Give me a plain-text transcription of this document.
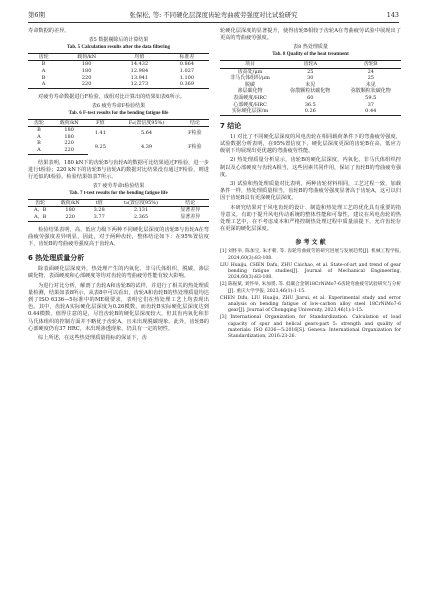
第6期	张保松, 等: 不同硬化层深度齿轮弯曲疲劳强度对比试验研究	143

寿命数据的差异。

表5 数据剔除后的计算结果
Tab. 5 Calculation results after the data filtering
齿轮	载荷/kN	均值	标准差
B	180	14.432	0.864
A	180	12.984	1.027
B	220	13.941	1.100
A	220	12.273	0.369

对疲劳寿命数据进行F检验，成组对比计算出的结果如表6所示。

表6 疲劳寿命F检验结果
Tab. 6 F-test results for the bending fatigue life
齿轮	载荷/kN	F值	F₀(置信度95%)	结论
B	180	1.41	5.64	F检验
A	180			
B	220	9.25	4.39	F检验
A	220			

结果表明，180 kN下的齿轮B与齿轮A的数据可比结果通过F检验，进一步进行t检验；220 kN下的齿轮B与齿轮A的数据对比结果没有通过F检验，则进行近似的t检验。检验结果如表7所示。

表7 疲劳寿命t检验结果
Tab. 7 t-test results for the bending fatigue life
齿轮	载荷/kN	t值	t₀(置信度95%)	结论
A、B	180	3.28	2.131	显著差异
A、B	220	3.77	2.365	显著差异

检验结果表明，高、低应力级下两种不同硬化层深度的齿轮B与齿轮A在弯曲疲劳强度差异明显，因此，对于两种齿轮，整体结论如下：在95%置信度下，齿轮B的弯曲疲劳强度高于齿轮A。

6 热处理质量分析

除表面硬化层深度外，热处理产生的内氧化、非马氏体组织、脱碳、渗层碳化物、表面硬度和心部硬度等均对齿轮的弯曲疲劳性能有较大影响。

为进行对比分析，解剖了齿轮A和齿轮B的试样，并进行了相关的热处理质量检测，结果如表8所示，从表8中可以看出，齿轮A和齿轮B的热处理质量均达到了ISO 6336—5标准中的ME级要求，表明它们在热处理工艺上均表现出色。其中，齿轮A实际硬化层深度为0.26模数，而齿轮B实际硬化层深度达到0.44模数，值得注意的是，尽管齿轮B的硬化层深度较大，但其齿内氧化和非马氏体组织的控制方面并不略优于齿轮A，且未出现脱碳现象。此外，齿轮B的心部硬度仍有37 HRC，未出现渗透现象，仍具有一定的韧性。

综上所述，在这些热处理质量指标的保证下，齿

轮硬化层深度的显著提升，使得齿轮B相较于齿轮A在弯曲疲劳试验中展现出了更高的弯曲疲劳强度。

表8 热处理质量
Tab. 8 Quality of the heat treatment
项目	齿轮A	齿轮B
齿高处/μm	25	24
非马氏体组织/μm	30	25
脱碳	未见	未见
渗层碳化物	弥散颗粒状碳化物	弥散颗粒状碳化物
表面硬度/HRC	60	59.5
心部硬度/HRC	36.5	37
实际硬化层深/m	0.26	0.44
7 结论

1) 对比了不同硬化层深度的风电齿轮在相同载荷条件下的弯曲疲劳强度，试验数据分析表明，在95%置信度下，硬化层深度更深的齿轮B在高、低应力级别下均展现出更优越的弯曲疲劳性能。

2) 热处理质量分析显示，齿轮B的硬化层深度、内氧化、非马氏体组织控制以及心部硬度与齿轮A相当，这些因素共同作用，保证了齿轮B的弯曲疲劳强度。

3) 试验和热处理质量对比表明，两种齿轮材料相同，工艺过程一致，加载条件一样，热处理质量相当，齿轮B的弯曲疲劳强度显著高于齿轮A，这可以归因于齿轮B具有更深硬化层深度。

本研究结果对于风电齿轮的设计、制造和热处理工艺的优化具有重要的指导意义，有助于提升风电传动系统的整体性能和可靠性，建议在风电齿轮的热处理工艺中，在不考虑成本和严格控制热处理过程中质量前提下，允许齿轮存在更深的硬化层深度。

参 考 文 献
[1] 刘怀举, 陈加宝, 朱才朝, 等. 齿轮弯曲疲劳的研究进展与发展趋势[J]. 机械工程学报, 2024,60(3):83-108.
LIU Huaiju, CHEN Dafu, ZHU Caichao, et al. State-of-art and trend of gear bending fatigue studies[J]. Journal of Mechanical Engineering, 2024,60(3):83-108.
[2] 陈振斌, 刘怀举, 朱加赟, 等. 低碳合金钢18CrNiMo7-6齿轮弯曲疲劳试验研究与分析[J]. 重庆大学学报, 2023,46(1):1-15.
CHEN Difu, LIU Huaiju, ZHU Jiarui, et al. Experimental study and error analysis on bending fatigue of low-carbon alloy steel 18CrNiMo7-6 gear[J]. Journal of Chongqing University, 2023,46(1):1-15.
[3] International Organization for Standardization. Calculation of load capacity of spur and helical gears-part 5: strength and quality of materials: ISO 6336—5:2016[S]. Geneva: International Organization for Standardization, 2016:23-26.
